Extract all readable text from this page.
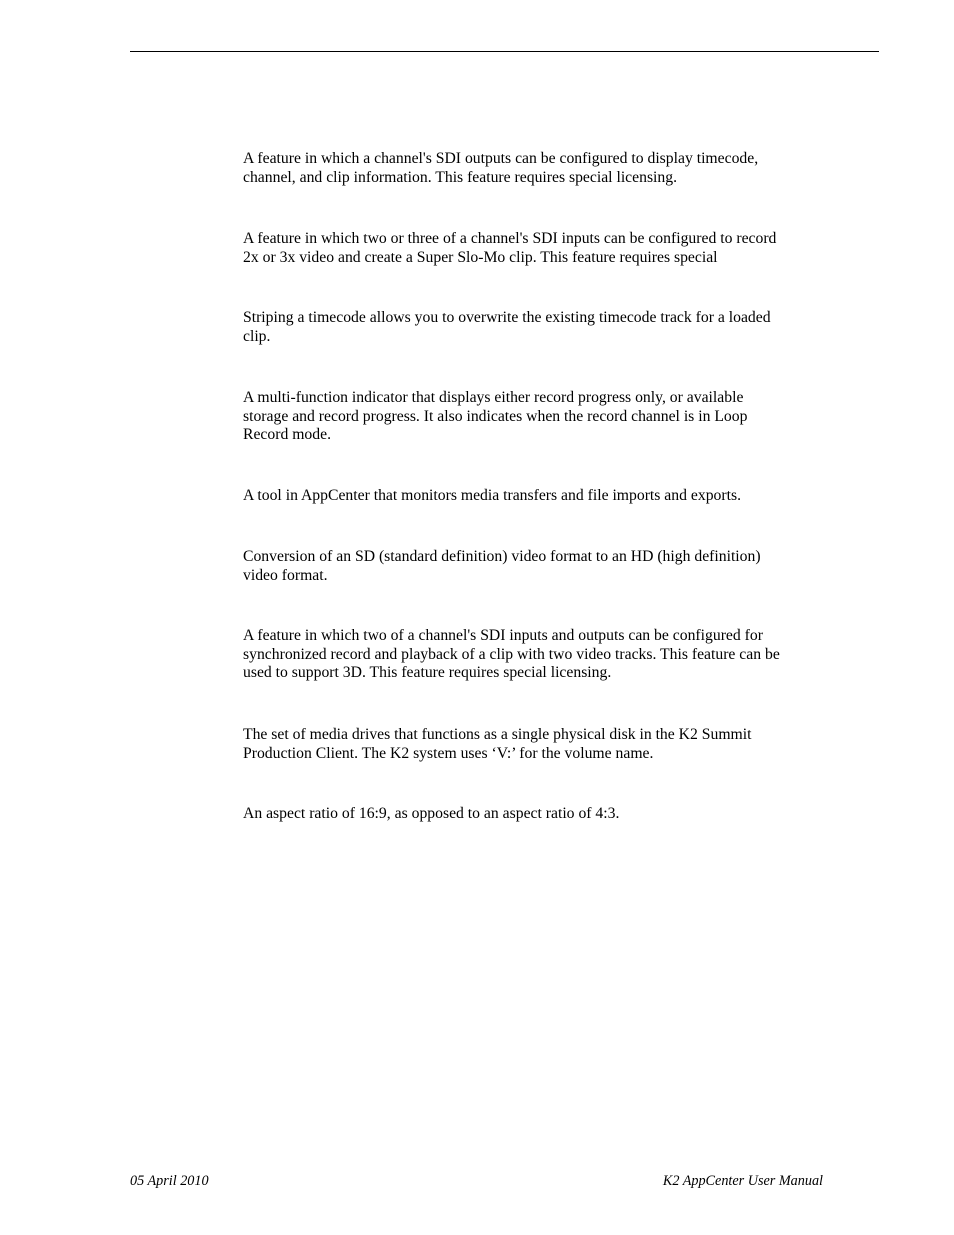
A feature in which a channel's SDI outputs can be configured to display timecode,
channel, and clip information. This feature requires special licensing.
A feature in which two or three of a channel's SDI inputs can be configured to record
2x or 3x video and create a Super Slo-Mo clip. This feature requires special
Striping a timecode allows you to overwrite the existing timecode track for a loaded
clip.
A multi-function indicator that displays either record progress only, or available
storage and record progress. It also indicates when the record channel is in Loop
Record mode.
A tool in AppCenter that monitors media transfers and file imports and exports.
Conversion of an SD (standard definition) video format to an HD (high definition)
video format.
A feature in which two of a channel's SDI inputs and outputs can be configured for
synchronized record and playback of a clip with two video tracks. This feature can be
used to support 3D. This feature requires special licensing.
The set of media drives that functions as a single physical disk in the K2 Summit
Production Client. The K2 system uses ‘V:’ for the volume name.
An aspect ratio of 16:9, as opposed to an aspect ratio of 4:3.
05 April 2010	K2 AppCenter User Manual
